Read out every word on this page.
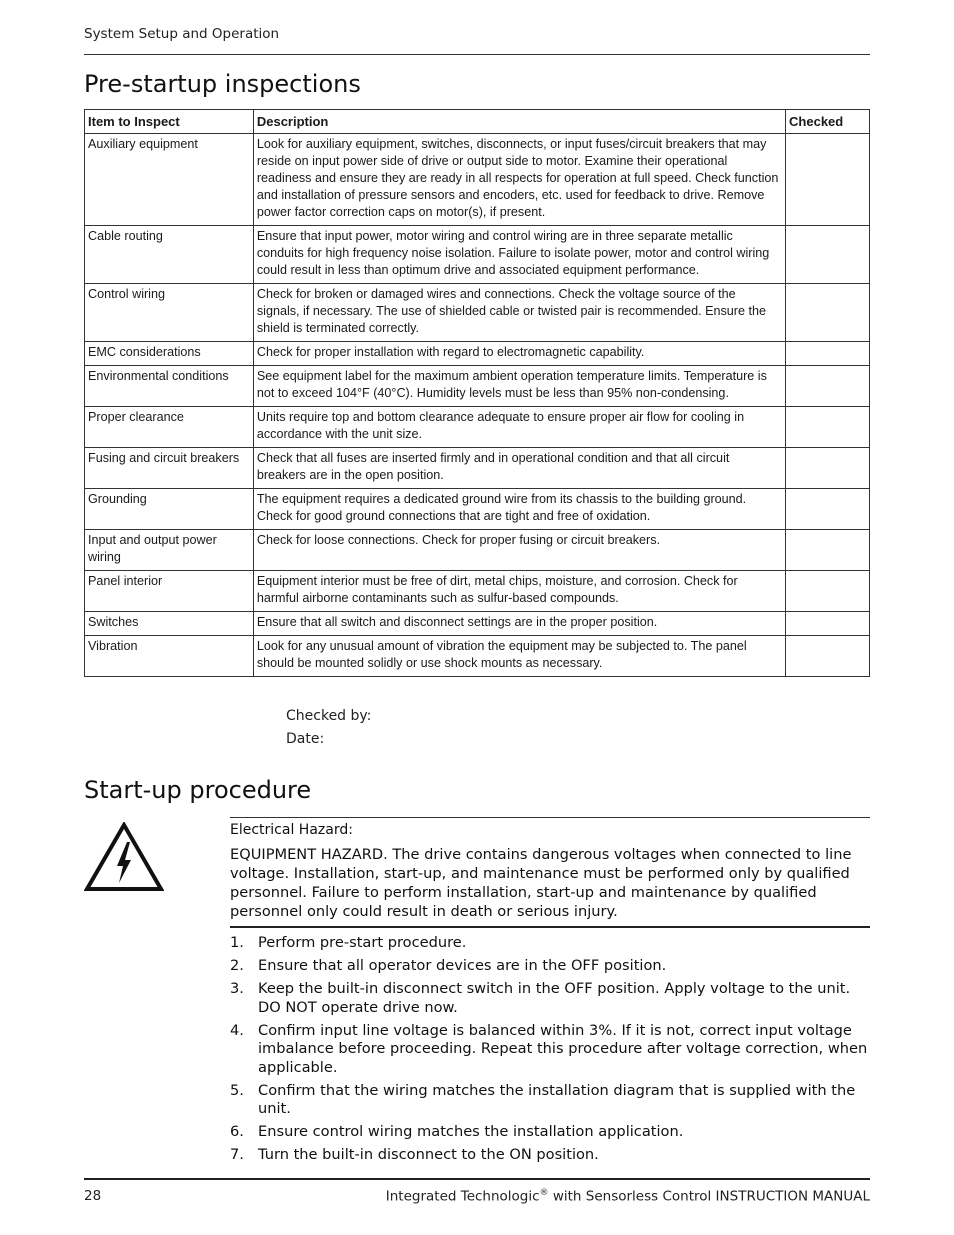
System Setup and Operation
Pre-startup inspections
Item to Inspect	Description	Checked
Auxiliary equipment	Look for auxiliary equipment, switches, disconnects, or input fuses/circuit breakers that may reside on input power side of drive or output side to motor. Examine their operational readiness and ensure they are ready in all respects for operation at full speed. Check function and installation of pressure sensors and encoders, etc. used for feedback to drive. Remove power factor correction caps on motor(s), if present.	
Cable routing	Ensure that input power, motor wiring and control wiring are in three separate metallic conduits for high frequency noise isolation. Failure to isolate power, motor and control wiring could result in less than optimum drive and associated equipment performance.	
Control wiring	Check for broken or damaged wires and connections. Check the voltage source of the signals, if necessary. The use of shielded cable or twisted pair is recommended. Ensure the shield is terminated correctly.	
EMC considerations	Check for proper installation with regard to electromagnetic capability.	
Environmental conditions	See equipment label for the maximum ambient operation temperature limits. Temperature is not to exceed 104°F (40°C). Humidity levels must be less than 95% non-condensing.	
Proper clearance	Units require top and bottom clearance adequate to ensure proper air flow for cooling in accordance with the unit size.	
Fusing and circuit breakers	Check that all fuses are inserted firmly and in operational condition and that all circuit breakers are in the open position.	
Grounding	The equipment requires a dedicated ground wire from its chassis to the building ground. Check for good ground connections that are tight and free of oxidation.	
Input and output power wiring	Check for loose connections. Check for proper fusing or circuit breakers.	
Panel interior	Equipment interior must be free of dirt, metal chips, moisture, and corrosion. Check for harmful airborne contaminants such as sulfur-based compounds.	
Switches	Ensure that all switch and disconnect settings are in the proper position.	
Vibration	Look for any unusual amount of vibration the equipment may be subjected to. The panel should be mounted solidly or use shock mounts as necessary.	
Checked by:
Date:
Start-up procedure
Electrical Hazard:
EQUIPMENT HAZARD. The drive contains dangerous voltages when connected to line voltage. Installation, start-up, and maintenance must be performed only by qualified personnel. Failure to perform installation, start-up and maintenance by qualified personnel only could result in death or serious injury.
1. Perform pre-start procedure.
2. Ensure that all operator devices are in the OFF position.
3. Keep the built-in disconnect switch in the OFF position. Apply voltage to the unit. DO NOT operate drive now.
4. Confirm input line voltage is balanced within 3%. If it is not, correct input voltage imbalance before proceeding. Repeat this procedure after voltage correction, when applicable.
5. Confirm that the wiring matches the installation diagram that is supplied with the unit.
6. Ensure control wiring matches the installation application.
7. Turn the built-in disconnect to the ON position.
28	Integrated Technologic® with Sensorless Control INSTRUCTION MANUAL
